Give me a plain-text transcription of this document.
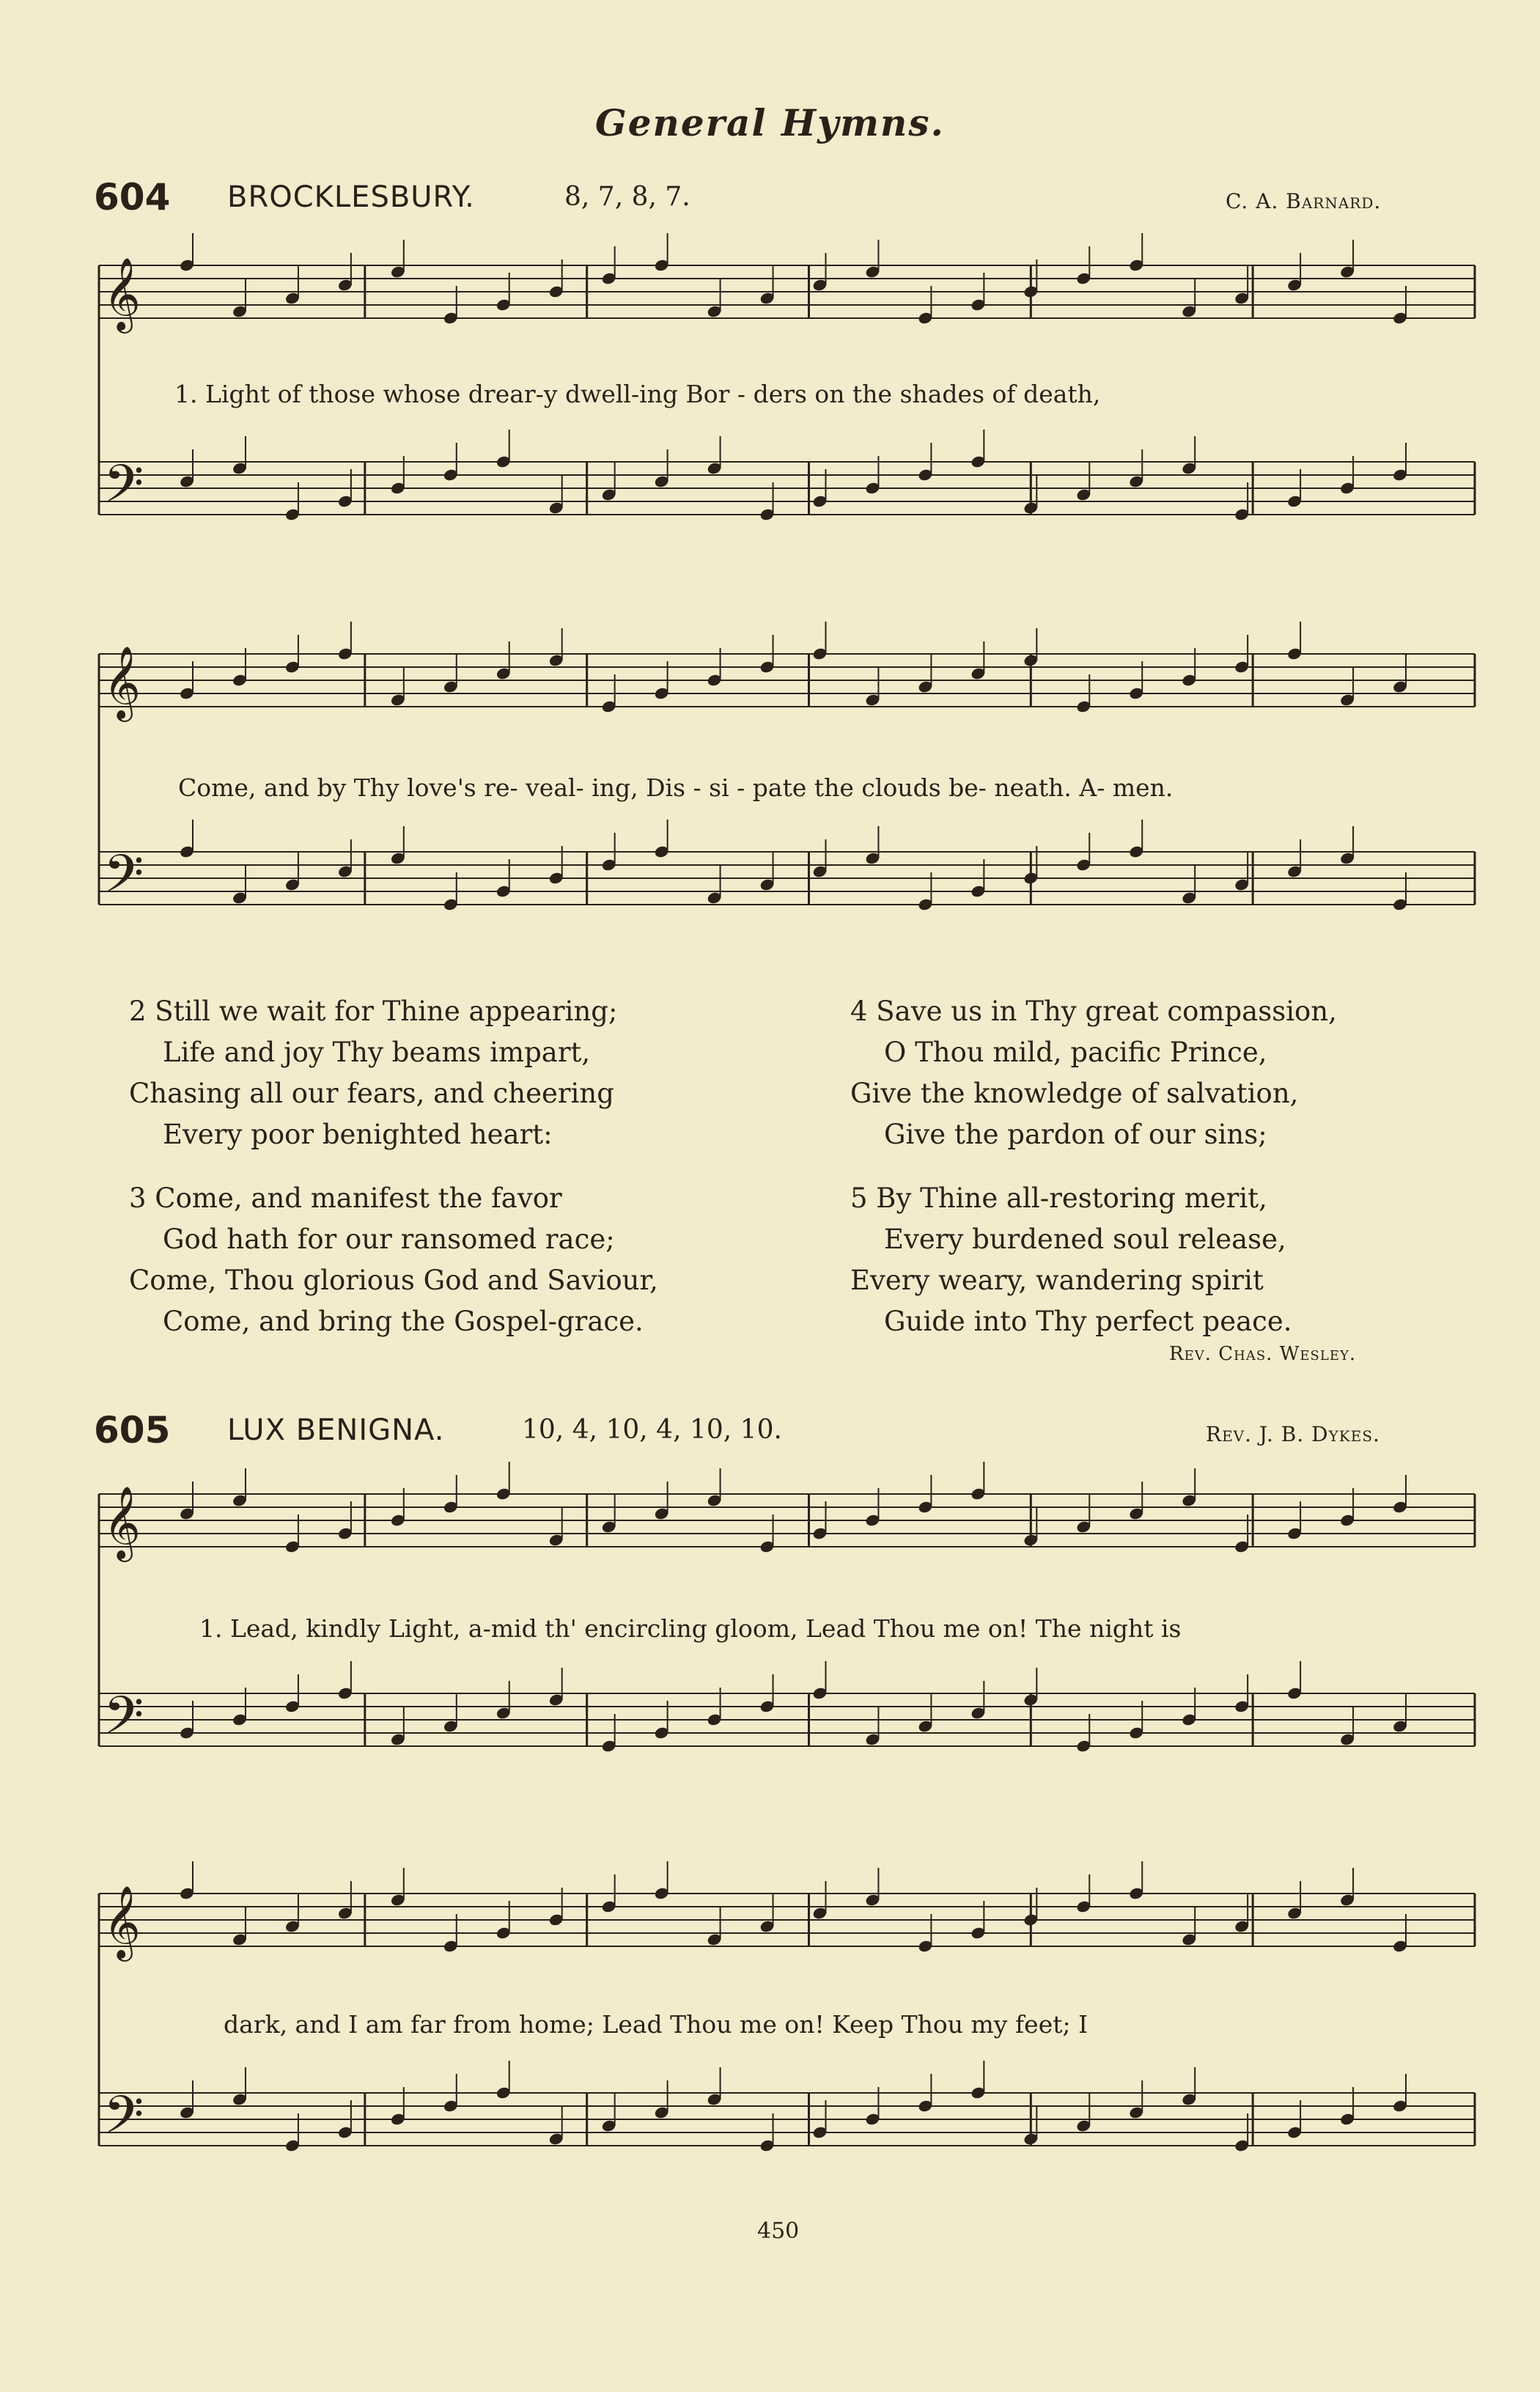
General Hymns.
604 BROCKLESBURY.	8, 7, 8, 7.	C. A. Barnard.
𝄞
𝄢
𝄞
𝄢
𝄞
𝄢
𝄞
𝄢
1. Light of those whose drear-y dwell-ing Bor - ders on the shades of death,
Come, and by Thy love's re- veal- ing, Dis - si - pate the clouds be- neath. A- men.
2 Still we wait for Thine appearing;
Life and joy Thy beams impart,
Chasing all our fears, and cheering
Every poor benighted heart:
3 Come, and manifest the favor
God hath for our ransomed race;
Come, Thou glorious God and Saviour,
Come, and bring the Gospel-grace.
4 Save us in Thy great compassion,
O Thou mild, pacific Prince,
Give the knowledge of salvation,
Give the pardon of our sins;
5 By Thine all-restoring merit,
Every burdened soul release,
Every weary, wandering spirit
Guide into Thy perfect peace.
Rev. Chas. Wesley.
605 LUX BENIGNA.	10, 4, 10, 4, 10, 10.	Rev. J. B. Dykes.
1. Lead, kindly Light, a-mid th' encircling gloom, Lead Thou me on! The night is
dark, and I am far from home; Lead Thou me on! Keep Thou my feet; I
450
